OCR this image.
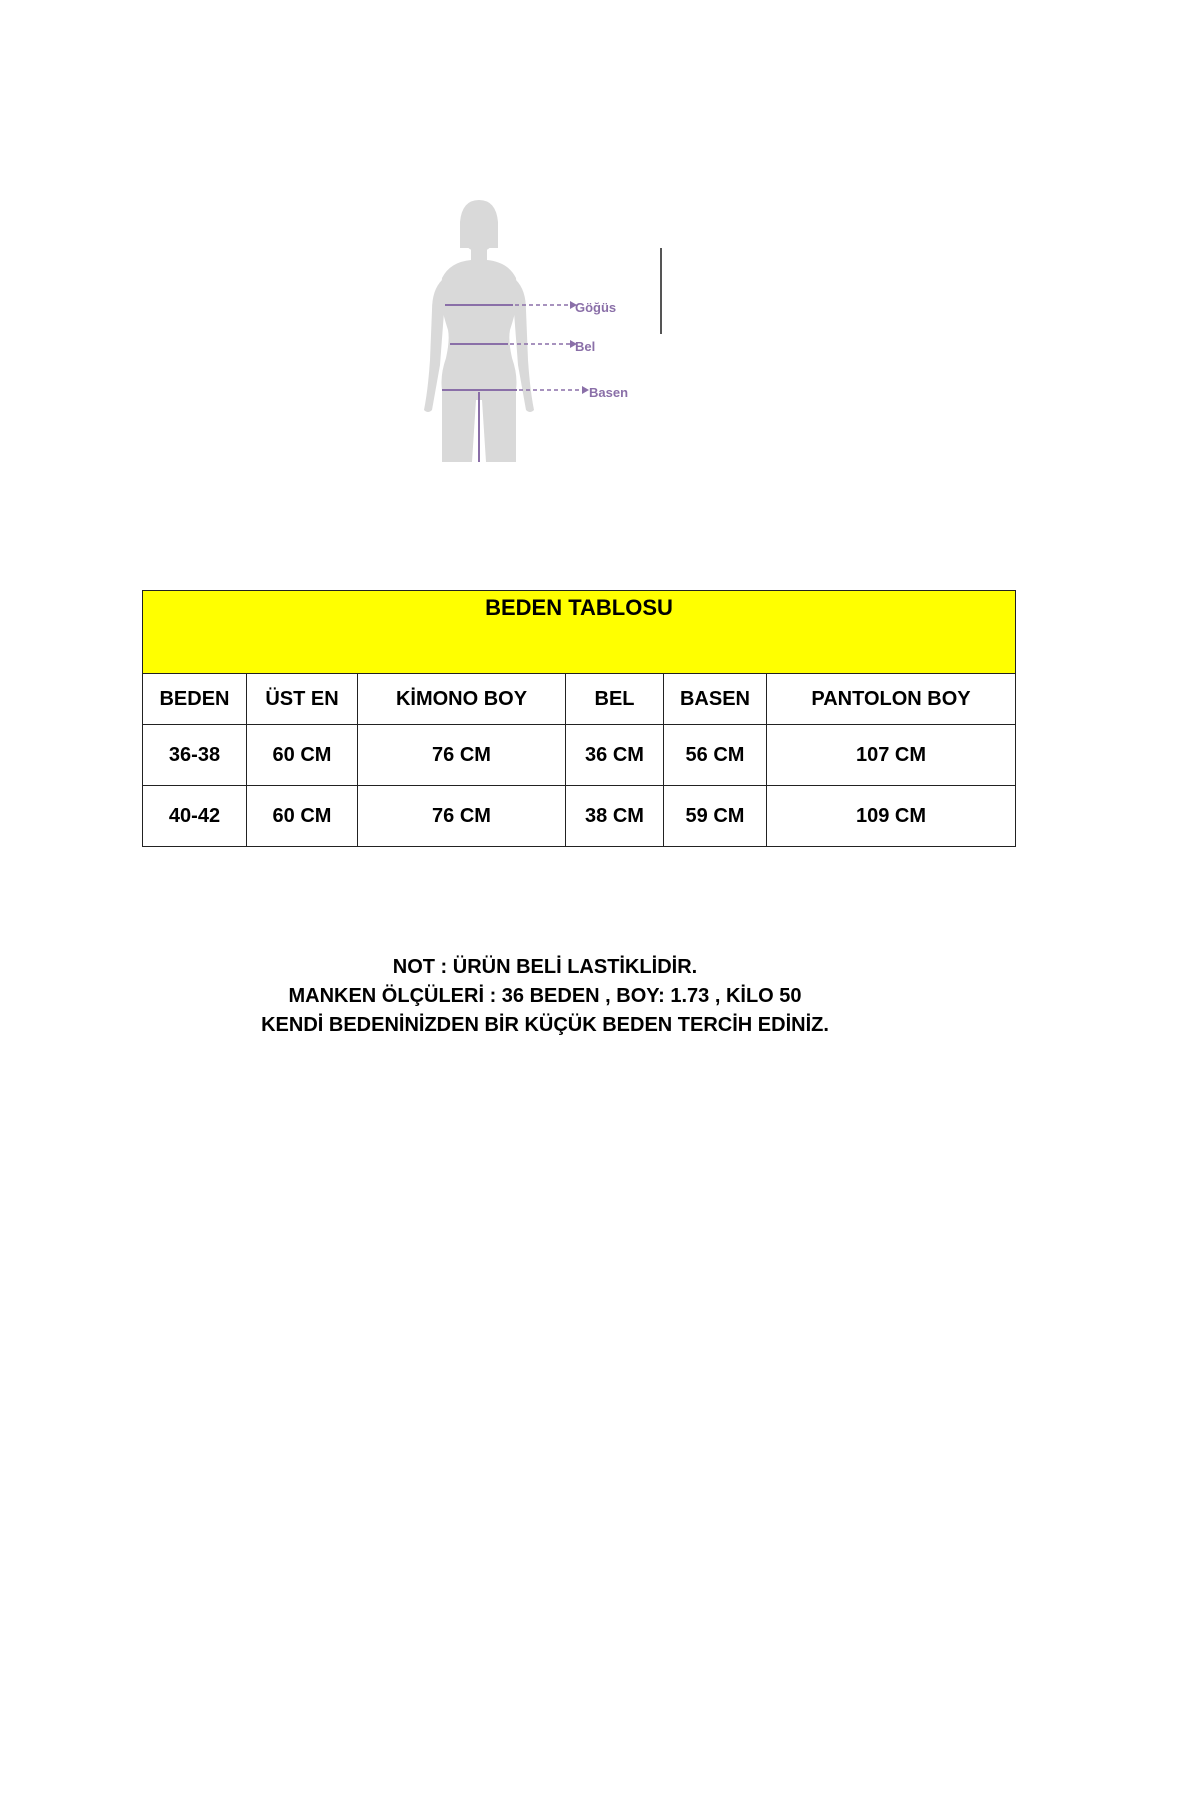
Göğüs
Bel
Basen
BEDEN TABLOSU					
BEDEN	ÜST EN	KİMONO BOY	BEL	BASEN	PANTOLON BOY
36-38	60 CM	76 CM	36 CM	56 CM	107 CM
40-42	60 CM	76 CM	38 CM	59 CM	109 CM
NOT : ÜRÜN BELİ LASTİKLİDİR.
MANKEN ÖLÇÜLERİ : 36 BEDEN , BOY: 1.73 , KİLO 50
KENDİ BEDENİNİZDEN BİR KÜÇÜK BEDEN TERCİH EDİNİZ.
